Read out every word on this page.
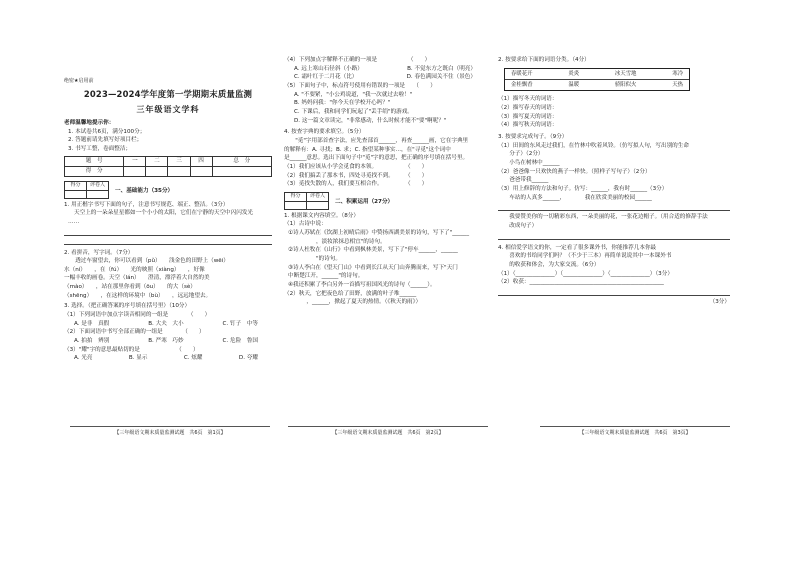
绝密★启用前
2023—2024学年度第一学期期末质量监测
三年级语文学科
老师温馨地提示你：
1. 本试卷共6页，满分100分；
2. 答题前请先填写好项目栏；
3. 书写工整，卷面整洁；
题　号	一	二	三	四	总　分
得　分					
得分	评卷人

一、基础能力（35分）
1. 用正楷字书写下面的句子，注意书写规范、端正、整洁。（3分）
天空上的一朵朵星星都如一个小小的太阳，它们在宁静的天空中闪闪发光
……
2. 看拼音，写字词。（7分）
　　透过车窗望去，你可以看到（pǔ）　　浅金色的田野上（wēi）
水（ní）　　，在（fú）　　光的映照（xiàng）　　，好像
一幅丰收的画卷。天空（lán）　　澄清，漂浮着大自然的美
（mào）　　，站在那里你看到（ōu）　　的大（sè）　　
（shēng）　　，在这样的环境中（bù）　　，远远地望去。
3. 选择。（把正确答案的序号填在括号里）（10分）
（1）下列词语中加点字读音相同的一组是　　　　（　　）
A. 是非　真假	B. 大夫　大小	C. 钉子　中等
（2）下面词语中书写全部正确的一组是　　　　（　　）
A. 拍拍　辨别	B. 严寒　巧妙	C. 危险　鲁国
（3）"耀"字的意思最贴切的是　　　　　　　（　　）
A. 光亮	B. 显示	C. 炫耀	D. 夸耀
（4）下列加点字解释不正确的一项是　　　　　　（　　）
A. 远上寒山石径斜（小路）	B. 不觉东方之既白（明亮）
C. 霜叶红于二月花（比）	D. 春色满园关不住（景色）
（5）下面句子中，标点符号使用有错误的一项是　　（　　）
A. "不要紧，"小公鸡说道，"我一次就过去啦！"
B. 妈妈问我："你今天在学校开心吗？"
C. 下课后，我和同学们玩起了"丢手绢"的游戏。
D. 这一篇文章读完，"非常感动，什么时候才能不"要"啊呢？"
4. 按查字典的要求填空。（5分）
　　"觅"字用部首查字法，应先查部首______，再查______画，它在字典里
的解释有：A. 寻找；B. 求；C. 指望某种事实...，在"寻觅"这个词中
是______意思。选出下面句子中"觅"字的意思，把正确的序号填在括号里。
（1）我们应该从小学会觅食的本领。　　　　　　（　　）
（2）我们搞丢了那本书，四处寻觅找不到。　　　（　　）
（3）觅找失散的人，我们要互相合作。　　　　　（　　）
得分	评卷人

二、积累运用（27分）
1. 根据课文内容填空。（8分）
（1）古诗中说：
①诗人苏轼在《饮湖上初晴后雨》中赞扬西湖美景的诗句，写下了"______
　　　　　，淡妆浓抹总相宜"的诗句。
②诗人杜牧在《山行》中看到枫林美景，写下了"停车______，______
　　　　　"的诗句。
③诗人李白在《望天门山》中看到长江从天门山奔腾而来，写下"天门
中断楚江开，______"的诗句。
④我还积累了李白另外一首描写祖国风光的诗句（______）。
（2）秋天，它把夜色给了田野，放满的叶子堆______
　　　　，______，掀起了夏天的热情。（《秋天的雨》）
2. 按要求给下面的词语分类。（4分）
春暖花开	炎炎	冰天雪地	寒冷
金桂飘香	温暖	骄阳似火	天热
（1）描写冬天的词语：
（2）描写春天的词语：
（3）描写夏天的词语：
（4）描写秋天的词语：
3. 按要求完成句子。（9分）
（1）田间的东风走过我们，在竹林中吹着风铃。（仿写拟人句，写出别的生命
　　分子）（2分）
　　小鸟在树林中______
（2）爸爸像一只欢快的燕子一样快。（照样子写句子）（2分）
　　爸爸带我______
（3）用上修辞的方法和句子。仿写：______，我有时______（3分）
　　车站的人真多______，　　　　我在欣赏美丽的校园______
　　我要赞美你的一切精彩东西，一朵美丽的花，一张花边帽子。（用合适的修辞手法
　　改成句子）
4. 相信爱学语文的你，一定看了很多课外书，你能推荐几本你最
　　喜欢的书给同学们吗？（不少于三本）再简单说说其中一本课外书
　　的收获和体会，为大家交流。（6分）
（1）（______________）（______________）（______________）（3分）
（2）收获：________________________________________________
（3分）
【三年级语文期末质量监测试题　共6页　第1页】	【三年级语文期末质量监测试题　共6页　第2页】	【三年级语文期末质量监测试题　共6页　第3页】
